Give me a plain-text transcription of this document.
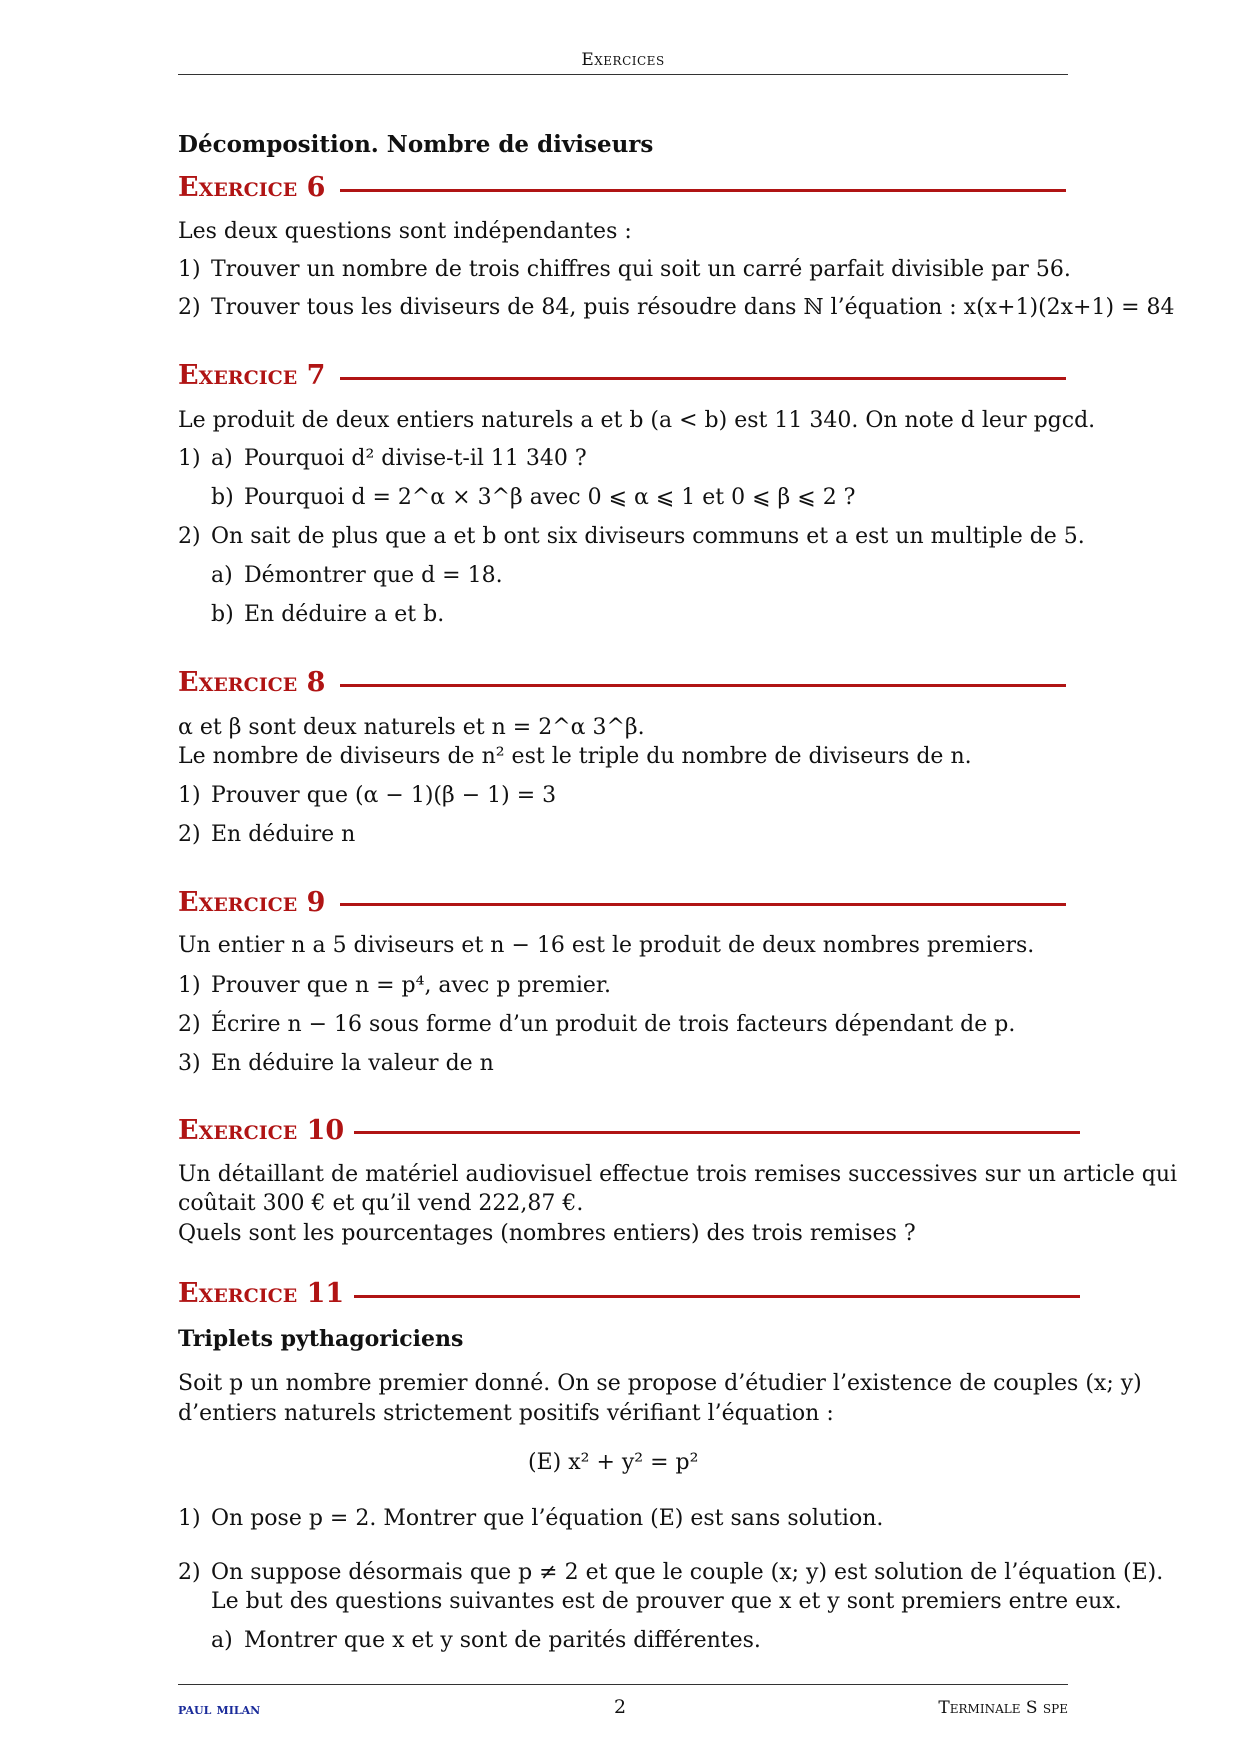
Exercices
Décomposition. Nombre de diviseurs
Exercice 6
Les deux questions sont indépendantes :
1) Trouver un nombre de trois chiffres qui soit un carré parfait divisible par 56.
2) Trouver tous les diviseurs de 84, puis résoudre dans ℕ l’équation : x(x+1)(2x+1) = 84
Exercice 7
Le produit de deux entiers naturels a et b (a < b) est 11 340. On note d leur pgcd.
1) a) Pourquoi d² divise-t-il 11 340 ?
b) Pourquoi d = 2^α × 3^β avec 0 ⩽ α ⩽ 1 et 0 ⩽ β ⩽ 2 ?
2) On sait de plus que a et b ont six diviseurs communs et a est un multiple de 5.
a) Démontrer que d = 18.
b) En déduire a et b.
Exercice 8
α et β sont deux naturels et n = 2^α 3^β.
Le nombre de diviseurs de n² est le triple du nombre de diviseurs de n.
1) Prouver que (α − 1)(β − 1) = 3
2) En déduire n
Exercice 9
Un entier n a 5 diviseurs et n − 16 est le produit de deux nombres premiers.
1) Prouver que n = p⁴, avec p premier.
2) Écrire n − 16 sous forme d’un produit de trois facteurs dépendant de p.
3) En déduire la valeur de n
Exercice 10
Un détaillant de matériel audiovisuel effectue trois remises successives sur un article qui
coûtait 300 € et qu’il vend 222,87 €.
Quels sont les pourcentages (nombres entiers) des trois remises ?
Exercice 11
Triplets pythagoriciens
Soit p un nombre premier donné. On se propose d’étudier l’existence de couples (x; y)
d’entiers naturels strictement positifs vérifiant l’équation :
(E) x² + y² = p²
1) On pose p = 2. Montrer que l’équation (E) est sans solution.
2) On suppose désormais que p ≠ 2 et que le couple (x; y) est solution de l’équation (E).
Le but des questions suivantes est de prouver que x et y sont premiers entre eux.
a) Montrer que x et y sont de parités différentes.
paul milan	2	Terminale S spe
